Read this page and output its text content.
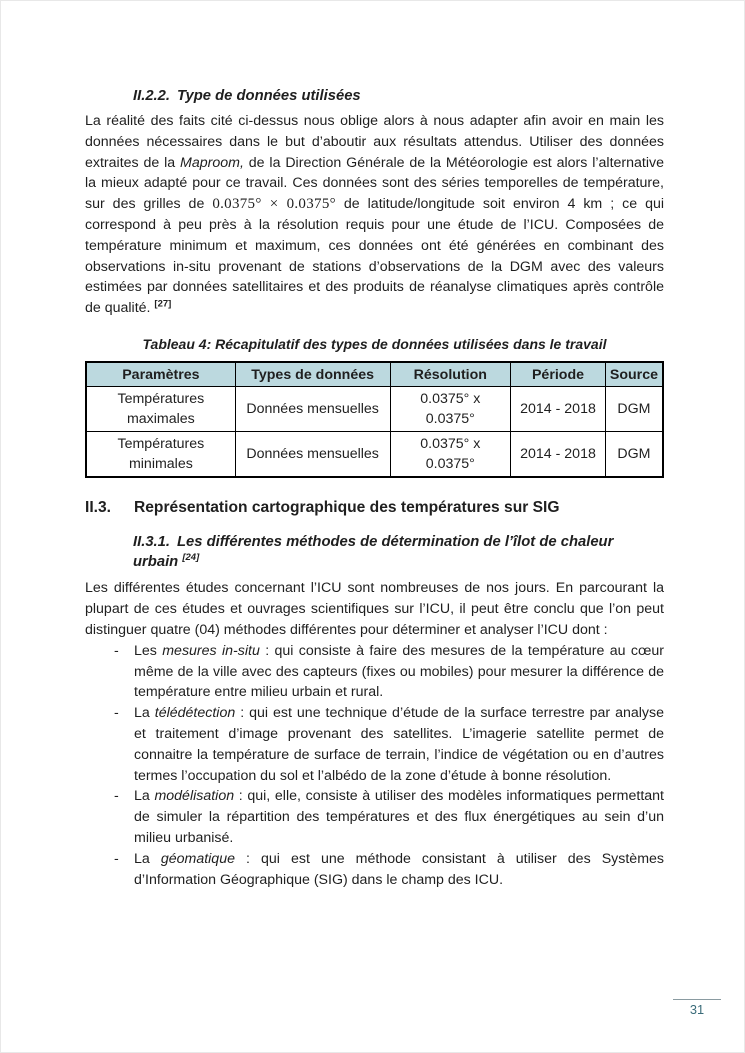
II.2.2. Type de données utilisées
La réalité des faits cité ci-dessus nous oblige alors à nous adapter afin avoir en main les données nécessaires dans le but d’aboutir aux résultats attendus. Utiliser des données extraites de la Maproom, de la Direction Générale de la Météorologie est alors l’alternative la mieux adapté pour ce travail. Ces données sont des séries temporelles de température, sur des grilles de 0.0375° × 0.0375° de latitude/longitude soit environ 4 km ; ce qui correspond à peu près à la résolution requis pour une étude de l’ICU. Composées de température minimum et maximum, ces données ont été générées en combinant des observations in-situ provenant de stations d’observations de la DGM avec des valeurs estimées par données satellitaires et des produits de réanalyse climatiques après contrôle de qualité. [27]
Tableau 4: Récapitulatif des types de données utilisées dans le travail
Paramètres	Types de données	Résolution	Période	Source
Températures maximales	Données mensuelles	0.0375° x 0.0375°	2014 - 2018	DGM
Températures minimales	Données mensuelles	0.0375° x 0.0375°	2014 - 2018	DGM
II.3.	Représentation cartographique des températures sur SIG
II.3.1. Les différentes méthodes de détermination de l’îlot de chaleur urbain [24]
Les différentes études concernant l’ICU sont nombreuses de nos jours. En parcourant la plupart de ces études et ouvrages scientifiques sur l’ICU, il peut être conclu que l’on peut distinguer quatre (04) méthodes différentes pour déterminer et analyser l’ICU dont :
-	Les mesures in-situ : qui consiste à faire des mesures de la température au cœur même de la ville avec des capteurs (fixes ou mobiles) pour mesurer la différence de température entre milieu urbain et rural.
-	La télédétection : qui est une technique d’étude de la surface terrestre par analyse et traitement d’image provenant des satellites. L’imagerie satellite permet de connaitre la température de surface de terrain, l’indice de végétation ou en d’autres termes l’occupation du sol et l’albédo de la zone d’étude à bonne résolution.
-	La modélisation : qui, elle, consiste à utiliser des modèles informatiques permettant de simuler la répartition des températures et des flux énergétiques au sein d’un milieu urbanisé.
-	La géomatique : qui est une méthode consistant à utiliser des Systèmes d’Information Géographique (SIG) dans le champ des ICU.
31
